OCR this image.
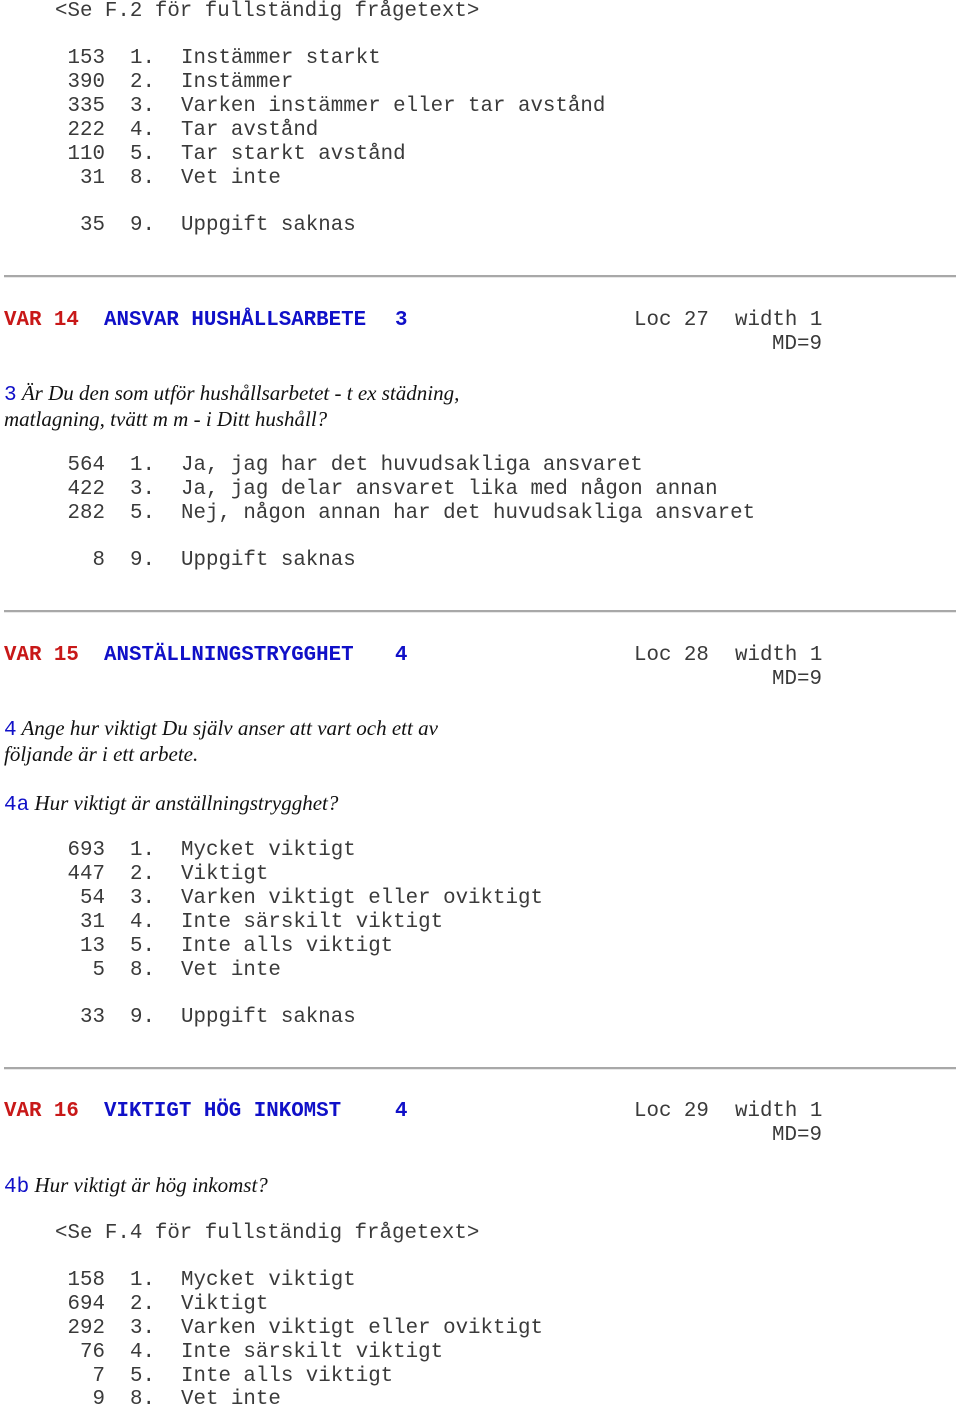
<Se F.2 för fullständig frågetext>
153 1. Instämmer starkt
390 2. Instämmer
335 3. Varken instämmer eller tar avstånd
222 4. Tar avstånd
110 5. Tar starkt avstånd
31 8. Vet inte
35 9. Uppgift saknas
VAR 14 ANSVAR HUSHÅLLSARBETE 3	Loc 27 width 1
MD=9
3 Är Du den som utför hushållsarbetet - t ex städning,
matlagning, tvätt m m - i Ditt hushåll?
564 1. Ja, jag har det huvudsakliga ansvaret
422 3. Ja, jag delar ansvaret lika med någon annan
282 5. Nej, någon annan har det huvudsakliga ansvaret
8 9. Uppgift saknas
VAR 15 ANSTÄLLNINGSTRYGGHET 4	Loc 28 width 1
MD=9
4 Ange hur viktigt Du själv anser att vart och ett av
följande är i ett arbete.
4a Hur viktigt är anställningstrygghet?
693 1. Mycket viktigt
447 2. Viktigt
54 3. Varken viktigt eller oviktigt
31 4. Inte särskilt viktigt
13 5. Inte alls viktigt
5 8. Vet inte
33 9. Uppgift saknas
VAR 16 VIKTIGT HÖG INKOMST	4	Loc 29 width 1
MD=9
4b Hur viktigt är hög inkomst?
<Se F.4 för fullständig frågetext>
158 1. Mycket viktigt
694 2. Viktigt
292 3. Varken viktigt eller oviktigt
76 4. Inte särskilt viktigt
7 5. Inte alls viktigt
9 8. Vet inte
